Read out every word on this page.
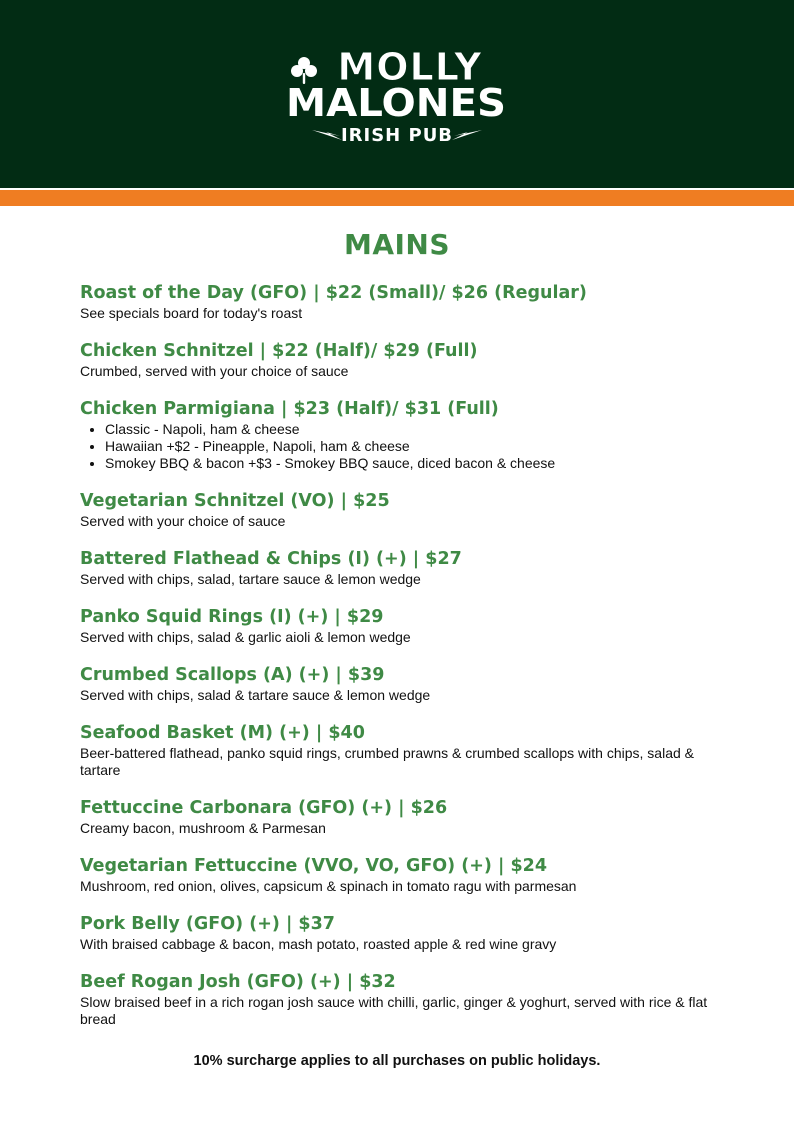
MOLLY
MALONES
IRISH PUB
MAINS
Roast of the Day (GFO) | $22 (Small)/ $26 (Regular)
See specials board for today's roast
Chicken Schnitzel | $22 (Half)/ $29 (Full)
Crumbed, served with your choice of sauce
Chicken Parmigiana | $23 (Half)/ $31 (Full)
• Classic - Napoli, ham & cheese
• Hawaiian +$2 - Pineapple, Napoli, ham & cheese
• Smokey BBQ & bacon +$3 - Smokey BBQ sauce, diced bacon & cheese
Vegetarian Schnitzel (VO) | $25
Served with your choice of sauce
Battered Flathead & Chips (I) (+) | $27
Served with chips, salad, tartare sauce & lemon wedge
Panko Squid Rings (I) (+) | $29
Served with chips, salad & garlic aioli & lemon wedge
Crumbed Scallops (A) (+) | $39
Served with chips, salad & tartare sauce & lemon wedge
Seafood Basket (M) (+) | $40
Beer-battered flathead, panko squid rings, crumbed prawns & crumbed scallops with chips, salad & tartare
Fettuccine Carbonara (GFO) (+) | $26
Creamy bacon, mushroom & Parmesan
Vegetarian Fettuccine (VVO, VO, GFO) (+) | $24
Mushroom, red onion, olives, capsicum & spinach in tomato ragu with parmesan
Pork Belly (GFO) (+) | $37
With braised cabbage & bacon, mash potato, roasted apple & red wine gravy
Beef Rogan Josh (GFO) (+) | $32
Slow braised beef in a rich rogan josh sauce with chilli, garlic, ginger & yoghurt, served with rice & flat bread
10% surcharge applies to all purchases on public holidays.
